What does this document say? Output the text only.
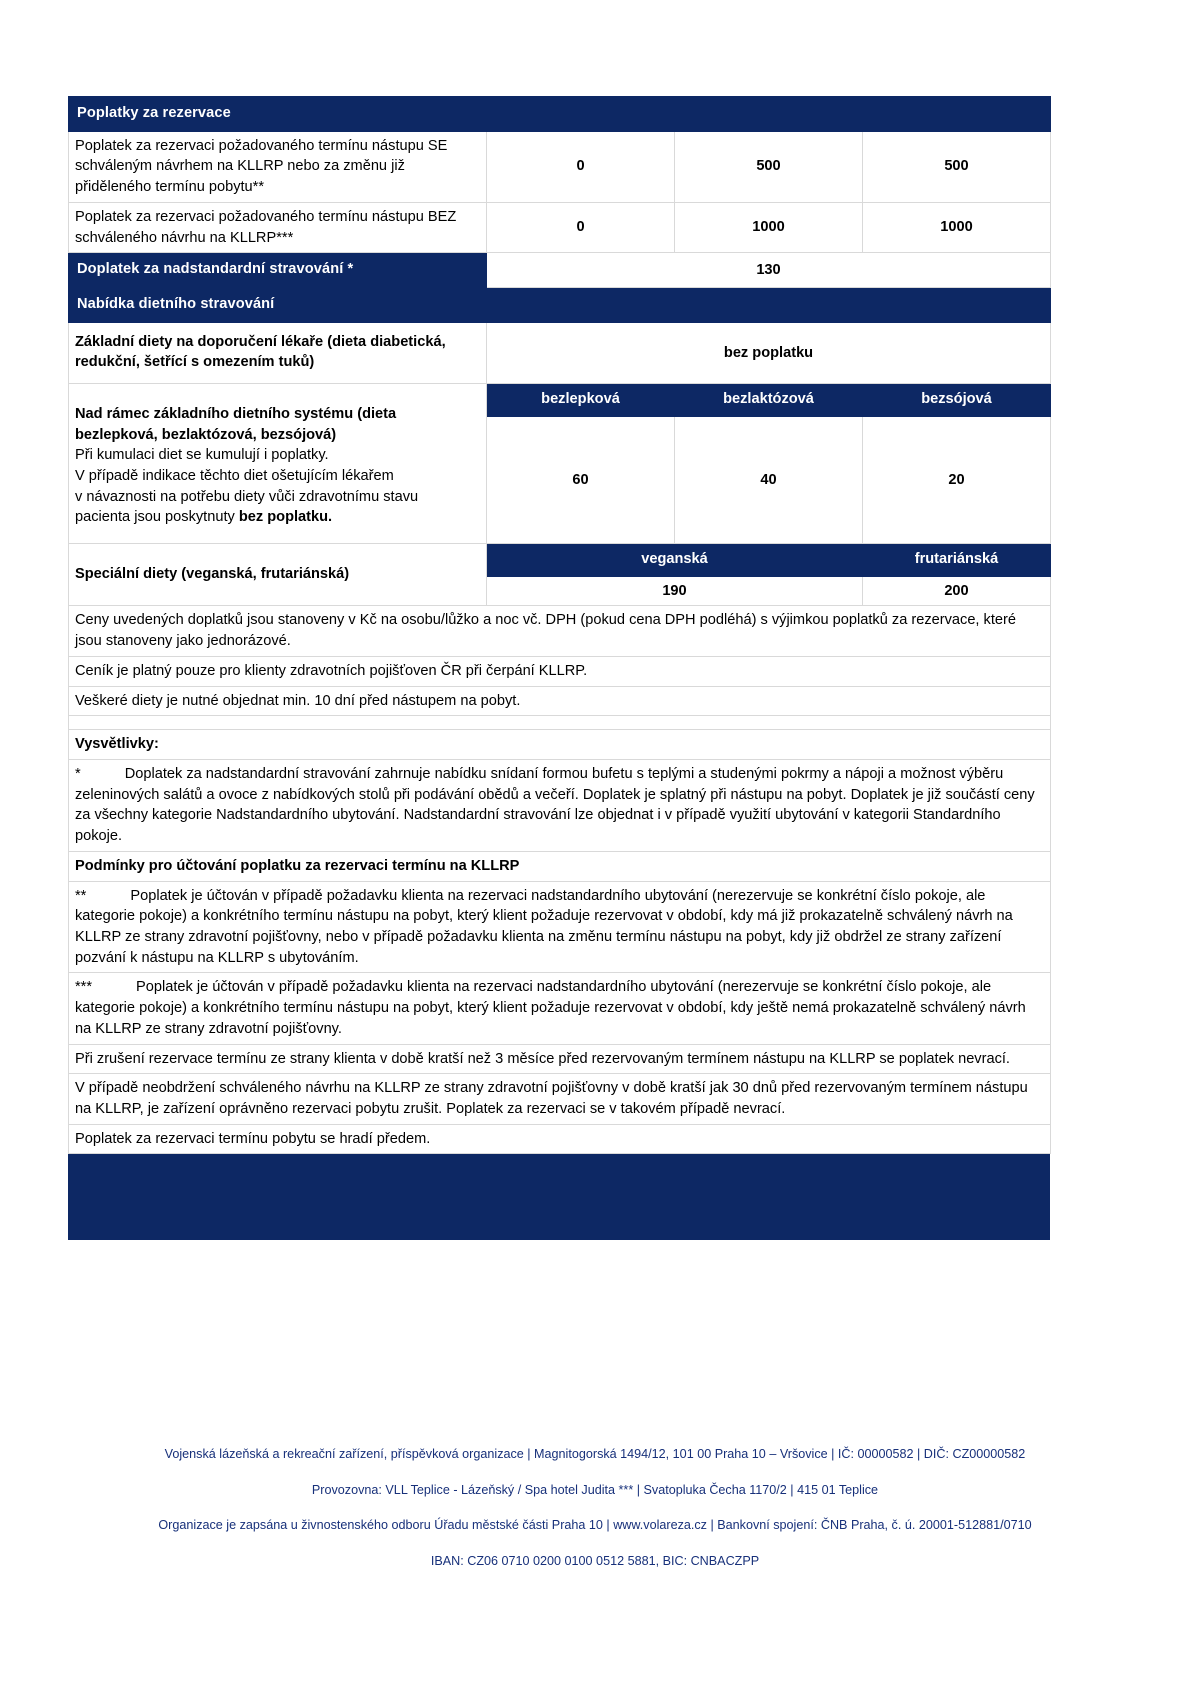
Poplatky za rezervace			
Poplatek za rezervaci požadovaného termínu nástupu SE schváleným návrhem na KLLRP nebo za změnu již přiděleného termínu pobytu**	0	500	500
Poplatek za rezervaci požadovaného termínu nástupu BEZ schváleného návrhu na KLLRP***	0	1000	1000
Doplatek za nadstandardní stravování *	130		
Nabídka dietního stravování			
Základní diety na doporučení lékaře (dieta diabetická, redukční, šetřící s omezením tuků)	bez poplatku		
Nad rámec základního dietního systému (dieta bezlepková, bezlaktózová, bezsójová)
Při kumulaci diet se kumulují i poplatky.
V případě indikace těchto diet ošetujícím lékařem
v návaznosti na potřebu diety vůči zdravotnímu stavu
pacienta jsou poskytnuty bez poplatku.	bezlepková	bezlaktózová	bezsójová
	60	40	20
Speciální diety (veganská, frutariánská)	veganská		frutariánská
	190		200
Ceny uvedených doplatků jsou stanoveny v Kč na osobu/lůžko a noc vč. DPH (pokud cena DPH podléhá) s výjimkou poplatků za rezervace, které jsou stanoveny jako jednorázové.			
Ceník je platný pouze pro klienty zdravotních pojišťoven ČR při čerpání KLLRP.			
Veškeré diety je nutné objednat min. 10 dní před nástupem na pobyt.			

Vysvětlivky:			
* Doplatek za nadstandardní stravování zahrnuje nabídku snídaní formou bufetu s teplými a studenými pokrmy a nápoji a možnost výběru zeleninových salátů a ovoce z nabídkových stolů při podávání obědů a večeří. Doplatek je splatný při nástupu na pobyt. Doplatek je již součástí ceny za všechny kategorie Nadstandardního ubytování. Nadstandardní stravování lze objednat i v případě využití ubytování v kategorii Standardního pokoje.			
Podmínky pro účtování poplatku za rezervaci termínu na KLLRP			
** Poplatek je účtován v případě požadavku klienta na rezervaci nadstandardního ubytování (nerezervuje se konkrétní číslo pokoje, ale kategorie pokoje) a konkrétního termínu nástupu na pobyt, který klient požaduje rezervovat v období, kdy má již prokazatelně schválený návrh na KLLRP ze strany zdravotní pojišťovny, nebo v případě požadavku klienta na změnu termínu nástupu na pobyt, kdy již obdržel ze strany zařízení pozvání k nástupu na KLLRP s ubytováním.			
*** Poplatek je účtován v případě požadavku klienta na rezervaci nadstandardního ubytování (nerezervuje se konkrétní číslo pokoje, ale kategorie pokoje) a konkrétního termínu nástupu na pobyt, který klient požaduje rezervovat v období, kdy ještě nemá prokazatelně schválený návrh na KLLRP ze strany zdravotní pojišťovny.			
Při zrušení rezervace termínu ze strany klienta v době kratší než 3 měsíce před rezervovaným termínem nástupu na KLLRP se poplatek nevrací.			
V případě neobdržení schváleného návrhu na KLLRP ze strany zdravotní pojišťovny v době kratší jak 30 dnů před rezervovaným termínem nástupu na KLLRP, je zařízení oprávněno rezervaci pobytu zrušit. Poplatek za rezervaci se v takovém případě nevrací.			
Poplatek za rezervaci termínu pobytu se hradí předem.			
Vojenská lázeňská a rekreační zařízení, příspěvková organizace | Magnitogorská 1494/12, 101 00 Praha 10 – Vršovice | IČ: 00000582 | DIČ: CZ00000582
Provozovna: VLL Teplice - Lázeňský / Spa hotel Judita *** | Svatopluka Čecha 1170/2 | 415 01 Teplice
Organizace je zapsána u živnostenského odboru Úřadu městské části Praha 10 | www.volareza.cz | Bankovní spojení: ČNB Praha, č. ú. 20001-512881/0710
IBAN: CZ06 0710 0200 0100 0512 5881, BIC: CNBACZPP
